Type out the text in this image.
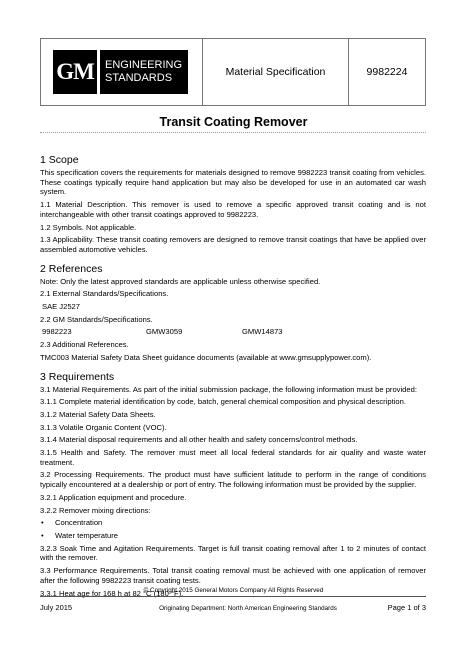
GM ENGINEERING
STANDARDS	Material Specification	9982224
Transit Coating Remover
1 Scope

This specification covers the requirements for materials designed to remove 9982223 transit coating from vehicles. These coatings typically require hand application but may also be developed for use in an automated car wash system.

1.1 Material Description. This remover is used to remove a specific approved transit coating and is not interchangeable with other transit coatings approved to 9982223.

1.2 Symbols. Not applicable.

1.3 Applicability. These transit coating removers are designed to remove transit coatings that have be applied over assembled automotive vehicles.

2 References

Note: Only the latest approved standards are applicable unless otherwise specified.

2.1 External Standards/Specifications.

SAE J2527

2.2 GM Standards/Specifications.

9982223	GMW3059	GMW14873

2.3 Additional References.

TMC003 Material Safety Data Sheet guidance documents (available at www.gmsupplypower.com).

3 Requirements

3.1 Material Requirements. As part of the initial submission package, the following information must be provided:

3.1.1 Complete material identification by code, batch, general chemical composition and physical description.

3.1.2 Material Safety Data Sheets.

3.1.3 Volatile Organic Content (VOC).

3.1.4 Material disposal requirements and all other health and safety concerns/control methods.

3.1.5 Health and Safety. The remover must meet all local federal standards for air quality and waste water treatment.

3.2 Processing Requirements. The product must have sufficient latitude to perform in the range of conditions typically encountered at a dealership or port of entry. The following information must be provided by the supplier.

3.2.1 Application equipment and procedure.

3.2.2 Remover mixing directions:

•	Concentration
•	Water temperature

3.2.3 Soak Time and Agitation Requirements. Target is full transit coating removal after 1 to 2 minutes of contact with the remover.

3.3 Performance Requirements. Total transit coating removal must be achieved with one application of remover after the following 9982223 transit coating tests.

3.3.1 Heat age for 168 h at 82 °C (180 °F).

© Copyright 2015 General Motors Company All Rights Reserved
July 2015	Originating Department: North American Engineering Standards	Page 1 of 3
